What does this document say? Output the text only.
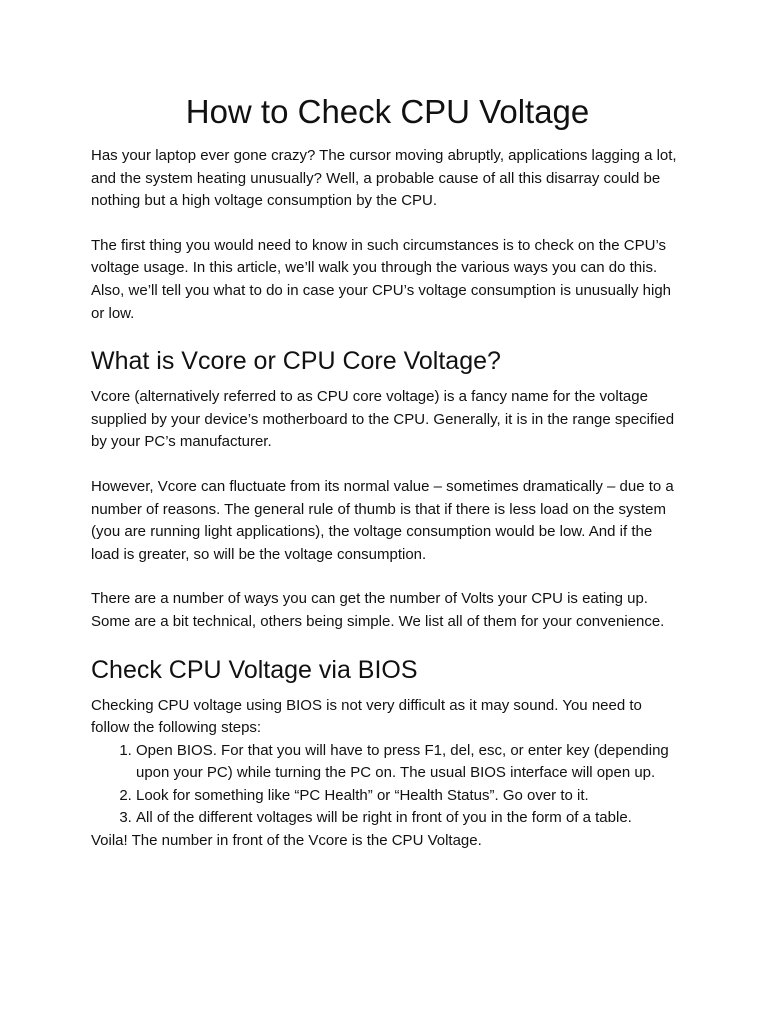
How to Check CPU Voltage

Has your laptop ever gone crazy? The cursor moving abruptly, applications lagging a lot, and the system heating unusually? Well, a probable cause of all this disarray could be nothing but a high voltage consumption by the CPU.

The first thing you would need to know in such circumstances is to check on the CPU’s voltage usage. In this article, we’ll walk you through the various ways you can do this. Also, we’ll tell you what to do in case your CPU’s voltage consumption is unusually high or low.

What is Vcore or CPU Core Voltage?

Vcore (alternatively referred to as CPU core voltage) is a fancy name for the voltage supplied by your device’s motherboard to the CPU. Generally, it is in the range specified by your PC’s manufacturer.

However, Vcore can fluctuate from its normal value – sometimes dramatically – due to a number of reasons. The general rule of thumb is that if there is less load on the system (you are running light applications), the voltage consumption would be low. And if the load is greater, so will be the voltage consumption.

There are a number of ways you can get the number of Volts your CPU is eating up. Some are a bit technical, others being simple. We list all of them for your convenience.

Check CPU Voltage via BIOS

Checking CPU voltage using BIOS is not very difficult as it may sound. You need to follow the following steps:

1. Open BIOS. For that you will have to press F1, del, esc, or enter key (depending upon your PC) while turning the PC on. The usual BIOS interface will open up.
2. Look for something like “PC Health” or “Health Status”. Go over to it.
3. All of the different voltages will be right in front of you in the form of a table.

Voila! The number in front of the Vcore is the CPU Voltage.
